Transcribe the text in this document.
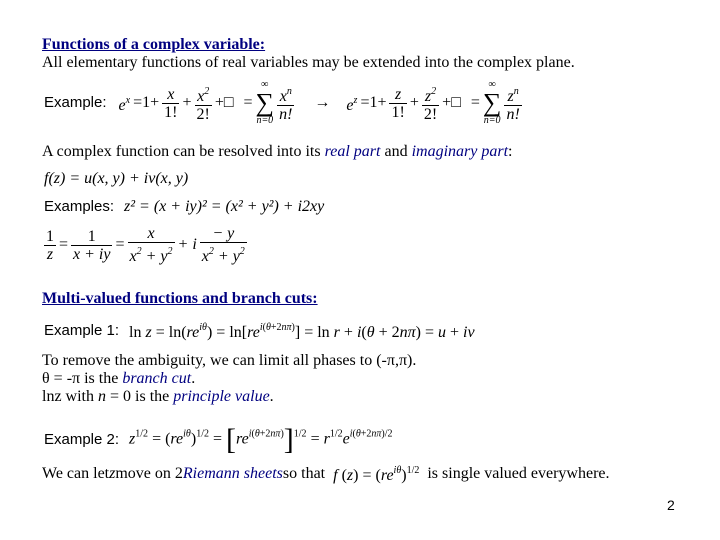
Functions of a complex variable:
All elementary functions of real variables may be extended into the complex plane.
Example: $e^x =1+ \frac{x}{1!} + \frac{x^2}{2!}$ +□ =
∞
∑
$n=0 \frac{x^n}{n!} \to e^z =1+ \frac{z}{1!} + \frac{z^2}{2!}$ +□ =
∞
∑
$n=0 \frac{z^n}{n!}$
A complex function can be resolved into its real part and imaginary part:
f(z) = u(x, y) + iv(x, y)
Examples: z² = (x + iy)² = (x² + y²) + i2xy
$\frac{1}{z} = \frac{1}{x + iy} = \frac{x}{x^2 + y^2} + i \frac{- y}{x^2 + y^2}$
Multi-valued functions and branch cuts:
Example 1: $\ln z = \ln(re^{i\theta}) = \ln[re^{i(\theta+2n\pi)}] = \ln r + i(\theta + 2n\pi) = u$ + iv
To remove the ambiguity, we can limit all phases to (-π,π).
θ = -π is the branch cut.
lnz with n = 0 is the principle value.
Example 2: $z^{1/2} = (re^{i\theta})^{1/2} = [re^{i(\theta+2n\pi)}]^{1/2} = r^{1/2}e^{i(\theta+2n\pi)/2}$
We can let z move on 2 Riemann sheets so that f $(z) = (re^{i\theta})^{1/2}$ is single valued everywhere.
2
